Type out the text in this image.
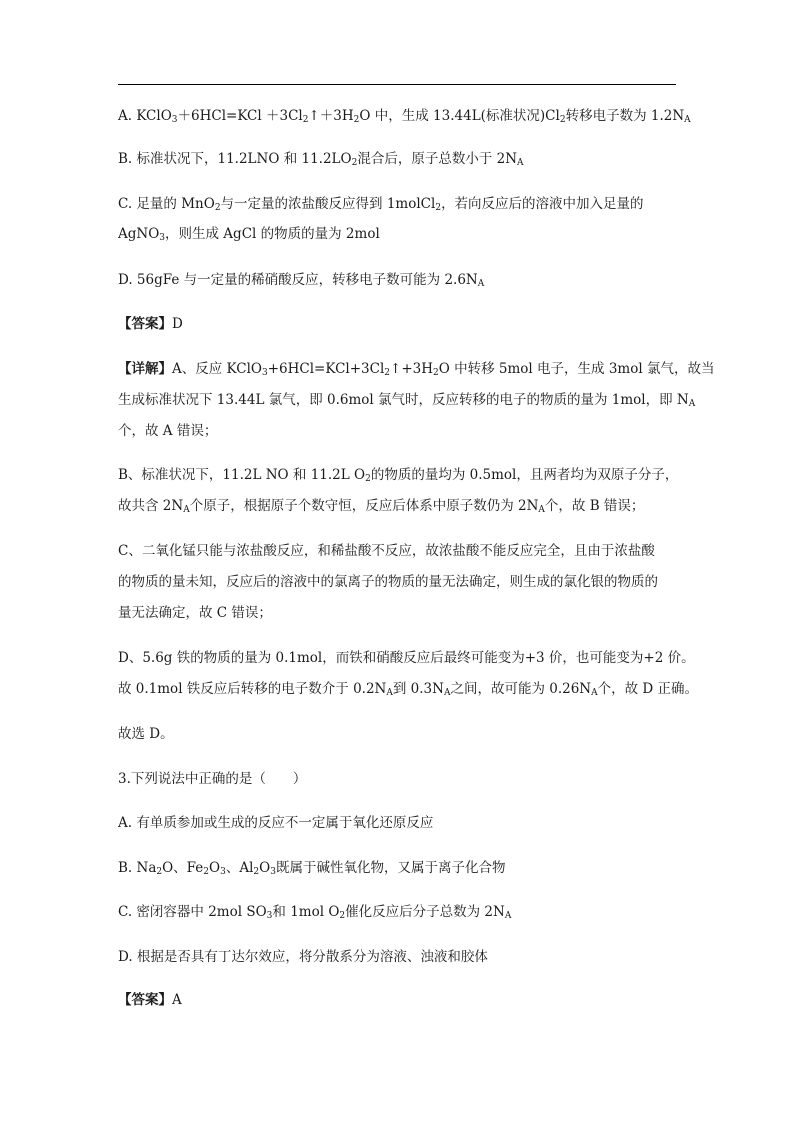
A. KClO$_3$＋6HCl=KCl $+3Cl_2↑+3H_2O$ 中，生成 13.44L(标准状况)$Cl_2$转移电子数为 $1.2N_A$
B. 标准状况下，11.2LNO 和 $11.2LO_2$混合后，原子总数小于 $2N_A$
C. 足量的 MnO$_2$与一定量的浓盐酸反应得到 1molCl$_2$，若向反应后的溶液中加入足量的
AgNO$_3$，则生成 AgCl 的物质的量为 2mol
D. 56gFe 与一定量的稀硝酸反应，转移电子数可能为 $2.6N_A$
【答案】D
【详解】A、反应 $KClO_3+6HCl=KCl+3Cl_2↑+3H_2O$ 中转移 5mol 电子，生成 3mol 氯气，故当
生成标准状况下 13.44L 氯气，即 0.6mol 氯气时，反应转移的电子的物质的量为 1mol，即 $N_A$
个，故 A 错误；
B、标准状况下，11.2L NO 和 11.2L $O_2$的物质的量均为 0.5mol，且两者均为双原子分子，
故共含 $2N_A$个原子，根据原子个数守恒，反应后体系中原子数仍为 $2N_A$个，故 B 错误；
C、二氧化锰只能与浓盐酸反应，和稀盐酸不反应，故浓盐酸不能反应完全，且由于浓盐酸
的物质的量未知，反应后的溶液中的氯离子的物质的量无法确定，则生成的氯化银的物质的
量无法确定，故 C 错误；
D、5.6g 铁的物质的量为 0.1mol，而铁和硝酸反应后最终可能变为+3 价，也可能变为+2 价。
故 0.1mol 铁反应后转移的电子数介于 $0.2N_A$到 $0.3N_A$之间，故可能为 $0.26N_A$个，故 D 正确。
故选 D。
3.下列说法中正确的是（　　）
A. 有单质参加或生成的反应不一定属于氧化还原反应
B. $Na_2O$、$Fe_2O_3$、$Al_2O_3$既属于碱性氧化物，又属于离子化合物
C. 密闭容器中 2mol $SO_3$和 1mol $O_2$催化反应后分子总数为 $2N_A$
D. 根据是否具有丁达尔效应，将分散系分为溶液、浊液和胶体
【答案】A
